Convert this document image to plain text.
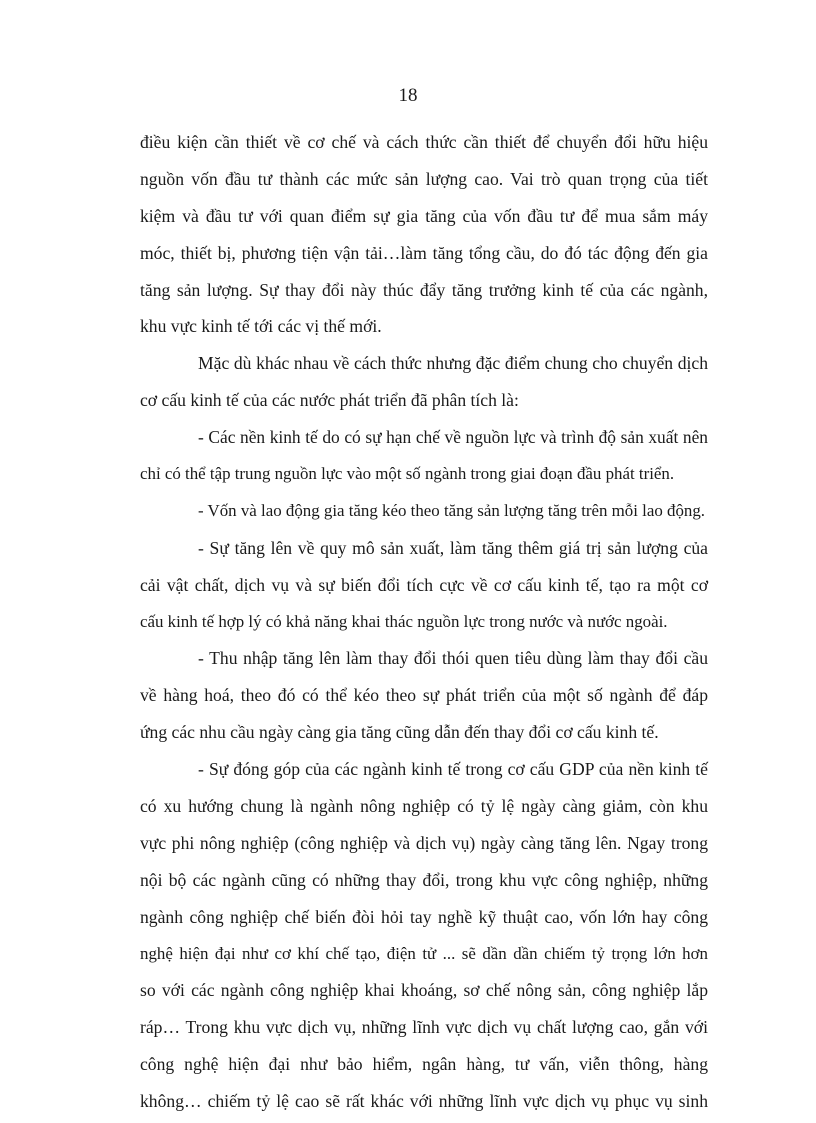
18
điều kiện cần thiết về cơ chế và cách thức cần thiết để chuyển đổi hữu hiệu
nguồn vốn đầu tư thành các mức sản lượng cao. Vai trò quan trọng của tiết
kiệm và đầu tư với quan điểm sự gia tăng của vốn đầu tư để mua sắm máy
móc, thiết bị, phương tiện vận tải…làm tăng tổng cầu, do đó tác động đến gia
tăng sản lượng. Sự thay đổi này thúc đẩy tăng trưởng kinh tế của các ngành,
khu vực kinh tế tới các vị thế mới.
Mặc dù khác nhau về cách thức nhưng đặc điểm chung cho chuyển dịch
cơ cấu kinh tế của các nước phát triển đã phân tích là:
- Các nền kinh tế do có sự hạn chế về nguồn lực và trình độ sản xuất nên
chỉ có thể tập trung nguồn lực vào một số ngành trong giai đoạn đầu phát triển.
- Vốn và lao động gia tăng kéo theo tăng sản lượng tăng trên mỗi lao động.
- Sự tăng lên về quy mô sản xuất, làm tăng thêm giá trị sản lượng của
cải vật chất, dịch vụ và sự biến đổi tích cực về cơ cấu kinh tế, tạo ra một cơ
cấu kinh tế hợp lý có khả năng khai thác nguồn lực trong nước và nước ngoài.
- Thu nhập tăng lên làm thay đổi thói quen tiêu dùng làm thay đổi cầu
về hàng hoá, theo đó có thể kéo theo sự phát triển của một số ngành để đáp
ứng các nhu cầu ngày càng gia tăng cũng dẫn đến thay đổi cơ cấu kinh tế.
- Sự đóng góp của các ngành kinh tế trong cơ cấu GDP của nền kinh tế
có xu hướng chung là ngành nông nghiệp có tỷ lệ ngày càng giảm, còn khu
vực phi nông nghiệp (công nghiệp và dịch vụ) ngày càng tăng lên. Ngay trong
nội bộ các ngành cũng có những thay đổi, trong khu vực công nghiệp, những
ngành công nghiệp chế biến đòi hỏi tay nghề kỹ thuật cao, vốn lớn hay công
nghệ hiện đại như cơ khí chế tạo, điện tử ... sẽ dần dần chiếm tỷ trọng lớn hơn
so với các ngành công nghiệp khai khoáng, sơ chế nông sản, công nghiệp lắp
ráp… Trong khu vực dịch vụ, những lĩnh vực dịch vụ chất lượng cao, gắn với
công nghệ hiện đại như bảo hiểm, ngân hàng, tư vấn, viễn thông, hàng
không… chiếm tỷ lệ cao sẽ rất khác với những lĩnh vực dịch vụ phục vụ sinh
